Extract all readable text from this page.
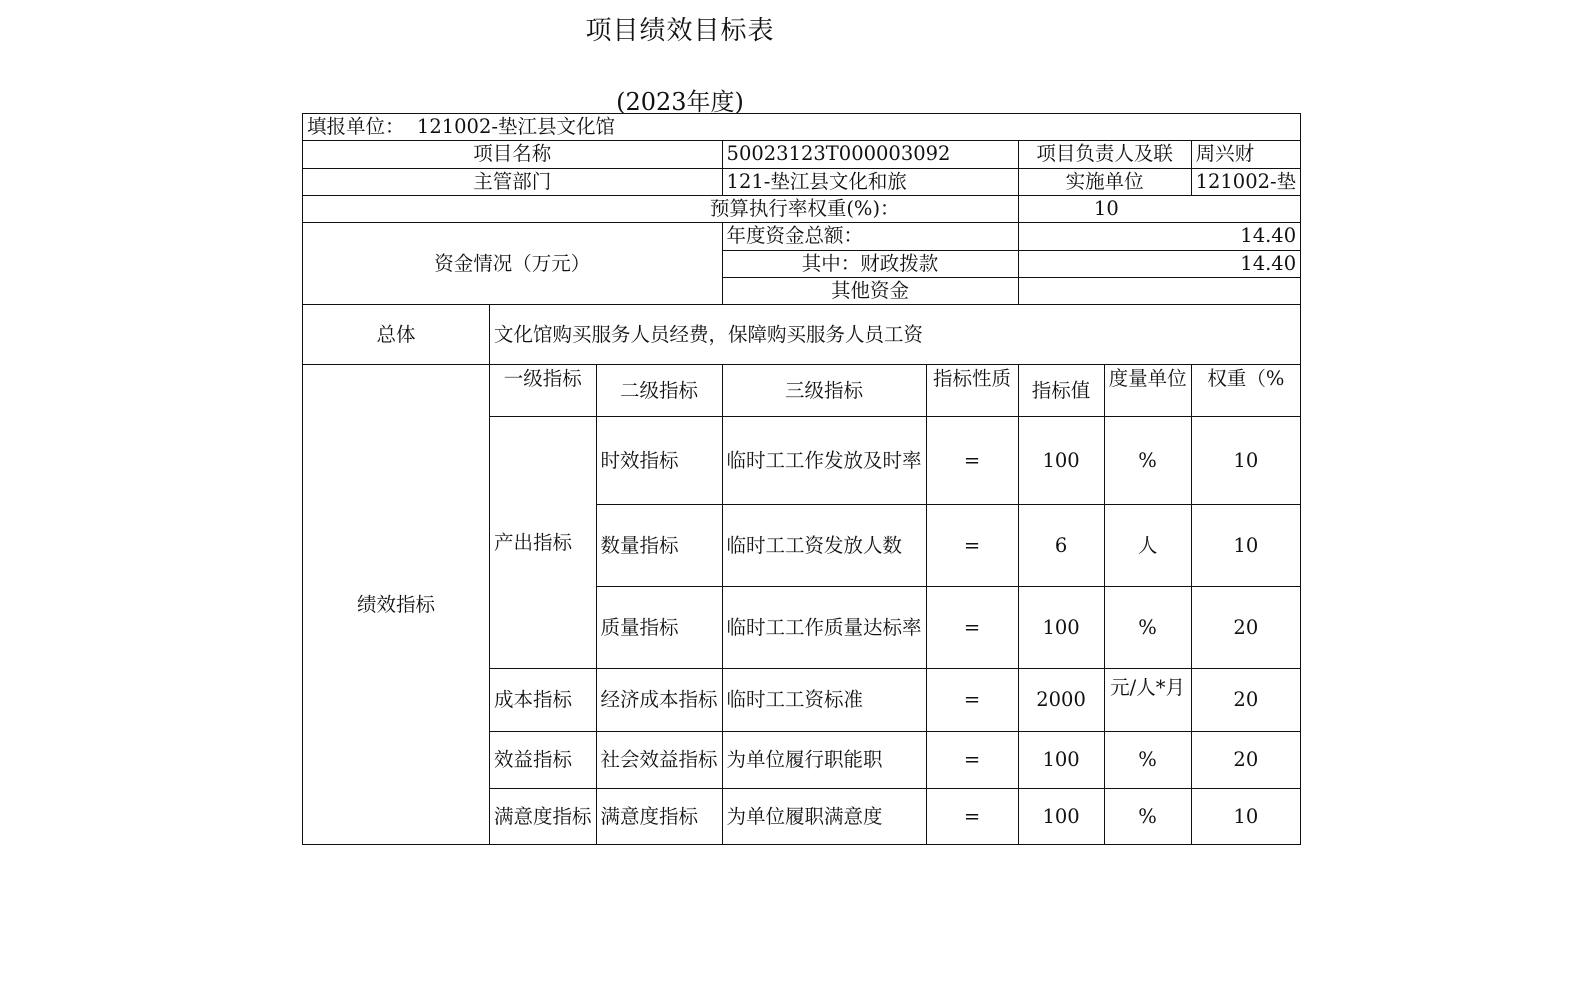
项目绩效目标表
(2023年度)
填报单位： 121002-垫江县文化馆							
项目名称			50023123T000003092		项目负责人及联		周兴财
主管部门			121-垫江县文化和旅		实施单位		121002-垫
预算执行率权重(%)：					10		
资金情况（万元）			年度资金总额：		14.40		
			其中：财政拨款		14.40		
			其他资金				
总体	文化馆购买服务人员经费，保障购买服务人员工资						
绩效指标	一级指标	二级指标	三级指标	指标性质	指标值	度量单位	权重（%

	产出指标	时效指标	临时工工作发放及时率	=	100	%	10
		数量指标	临时工工资发放人数	=	6	人	10
		质量指标	临时工工作质量达标率	=	100	%	20
	成本指标	经济成本指标	临时工工资标准	=	2000	元/人*月	20
	效益指标	社会效益指标	为单位履行职能职	=	100	%	20
	满意度指标	满意度指标	为单位履职满意度	=	100	%	10
